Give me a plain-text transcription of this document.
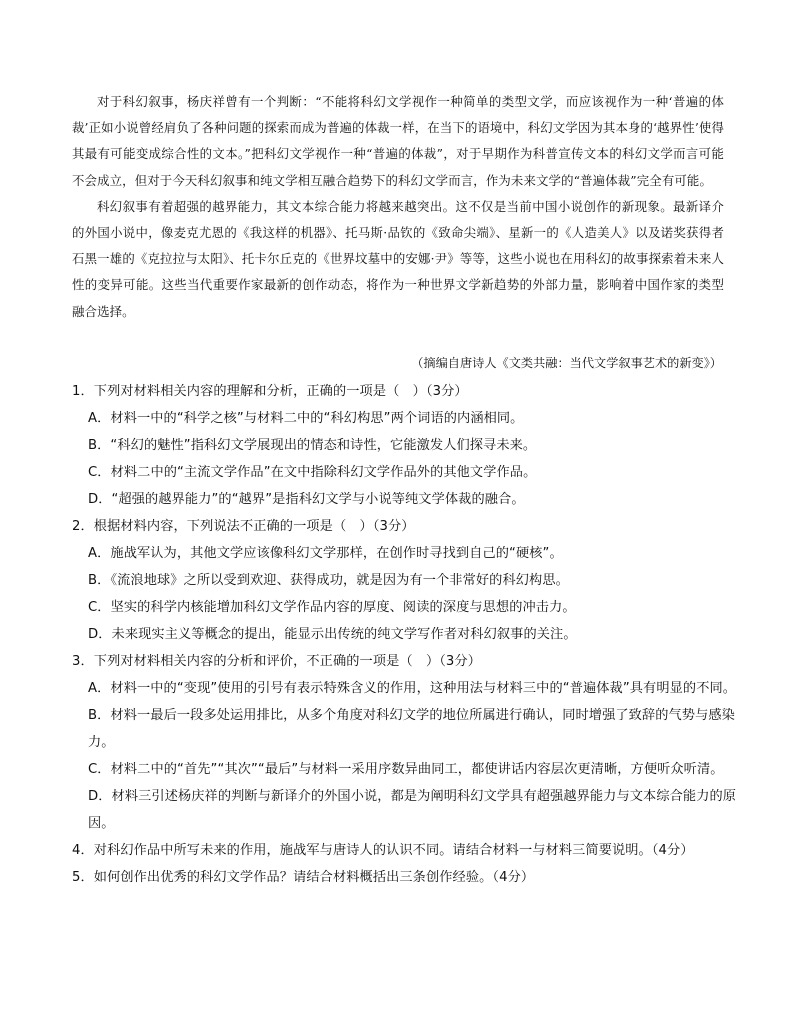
对于科幻叙事，杨庆祥曾有一个判断：“不能将科幻文学视作一种简单的类型文学，而应该视作为一种‘普遍的体裁’正如小说曾经肩负了各种问题的探索而成为普遍的体裁一样，在当下的语境中，科幻文学因为其本身的‘越界性’使得其最有可能变成综合性的文本。”把科幻文学视作一种“普遍的体裁”，对于早期作为科普宣传文本的科幻文学而言可能不会成立，但对于今天科幻叙事和纯文学相互融合趋势下的科幻文学而言，作为未来文学的“普遍体裁”完全有可能。

科幻叙事有着超强的越界能力，其文本综合能力将越来越突出。这不仅是当前中国小说创作的新现象。最新译介的外国小说中，像麦克尤恩的《我这样的机器》、托马斯·品钦的《致命尖端》、星新一的《人造美人》以及诺奖获得者石黑一雄的《克拉拉与太阳》、托卡尔丘克的《世界坟墓中的安娜·尹》等等，这些小说也在用科幻的故事探索着未来人性的变异可能。这些当代重要作家最新的创作动态，将作为一种世界文学新趋势的外部力量，影响着中国作家的类型融合选择。

（摘编自唐诗人《文类共融：当代文学叙事艺术的新变》）

1．下列对材料相关内容的理解和分析，正确的一项是（　）（3分）

A．材料一中的“科学之核”与材料二中的“科幻构思”两个词语的内涵相同。

B．“科幻的魅性”指科幻文学展现出的情态和诗性，它能激发人们探寻未来。

C．材料二中的“主流文学作品”在文中指除科幻文学作品外的其他文学作品。

D．“超强的越界能力”的“越界”是指科幻文学与小说等纯文学体裁的融合。

2．根据材料内容，下列说法不正确的一项是（　）（3分）

A．施战军认为，其他文学应该像科幻文学那样，在创作时寻找到自己的“硬核”。

B．《流浪地球》之所以受到欢迎、获得成功，就是因为有一个非常好的科幻构思。

C．坚实的科学内核能增加科幻文学作品内容的厚度、阅读的深度与思想的冲击力。

D．未来现实主义等概念的提出，能显示出传统的纯文学写作者对科幻叙事的关注。

3．下列对材料相关内容的分析和评价，不正确的一项是（　）（3分）

A．材料一中的“变现”使用的引号有表示特殊含义的作用，这种用法与材料三中的“普遍体裁”具有明显的不同。

B．材料一最后一段多处运用排比，从多个角度对科幻文学的地位所属进行确认，同时增强了致辞的气势与感染力。

C．材料二中的“首先”“其次”“最后”与材料一采用序数异曲同工，都使讲话内容层次更清晰，方便听众听清。

D．材料三引述杨庆祥的判断与新译介的外国小说，都是为阐明科幻文学具有超强越界能力与文本综合能力的原因。

4．对科幻作品中所写未来的作用，施战军与唐诗人的认识不同。请结合材料一与材料三简要说明。（4分）

5．如何创作出优秀的科幻文学作品？请结合材料概括出三条创作经验。（4分）
